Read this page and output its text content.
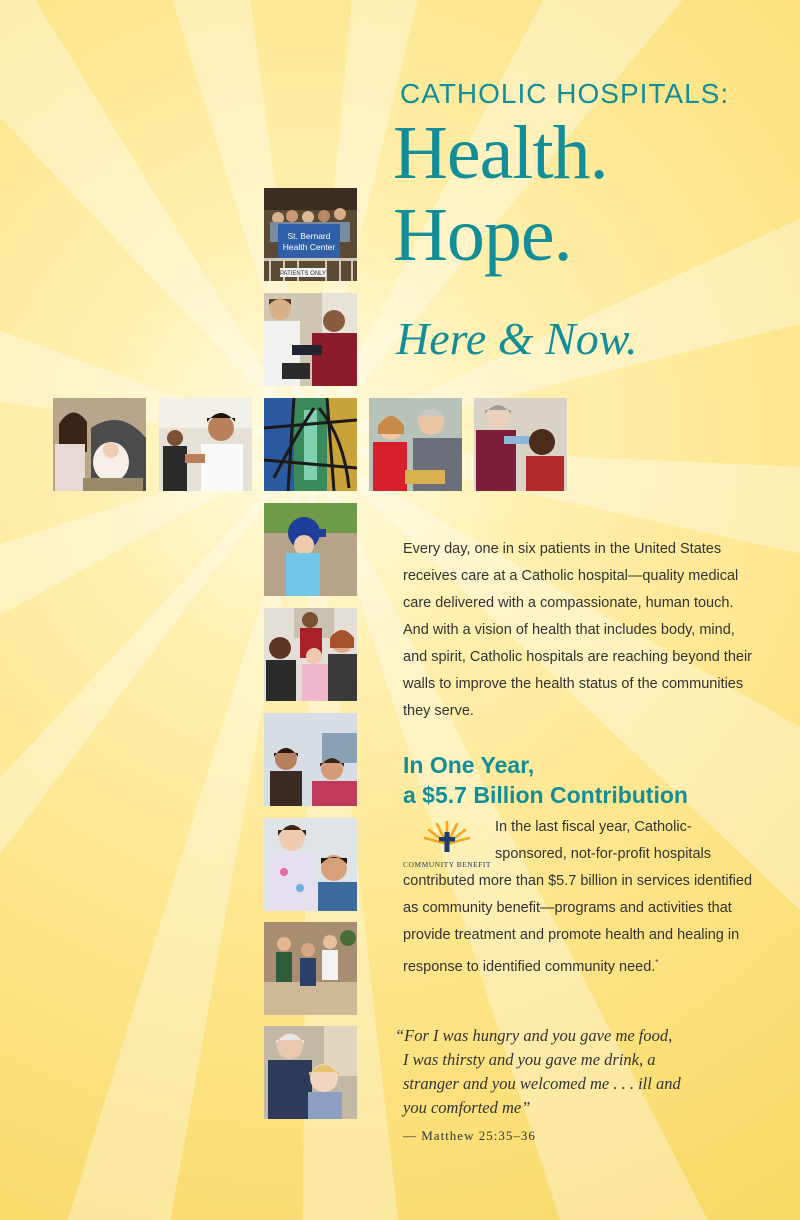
St. Bernard
Health Center
PATIENTS ONLY
CATHOLIC HOSPITALS:
Health.
Hope.
Here & Now.
Every day, one in six patients in the United States receives care at a Catholic hospital—quality medical care delivered with a compassionate, human touch. And with a vision of health that includes body, mind, and spirit, Catholic hospitals are reaching beyond their walls to improve the health status of the communities they serve.
In One Year,
a $5.7 Billion Contribution
COMMUNITY BENEFIT
In the last fiscal year, Catholic-sponsored, not-for-profit hospitals contributed more than $5.7 billion in services identified as community benefit—programs and activities that provide treatment and promote health and healing in response to identified community need.*
“For I was hungry and you gave me food,
I was thirsty and you gave me drink, a
stranger and you welcomed me . . . ill and
you comforted me”
— Matthew 25:35–36
